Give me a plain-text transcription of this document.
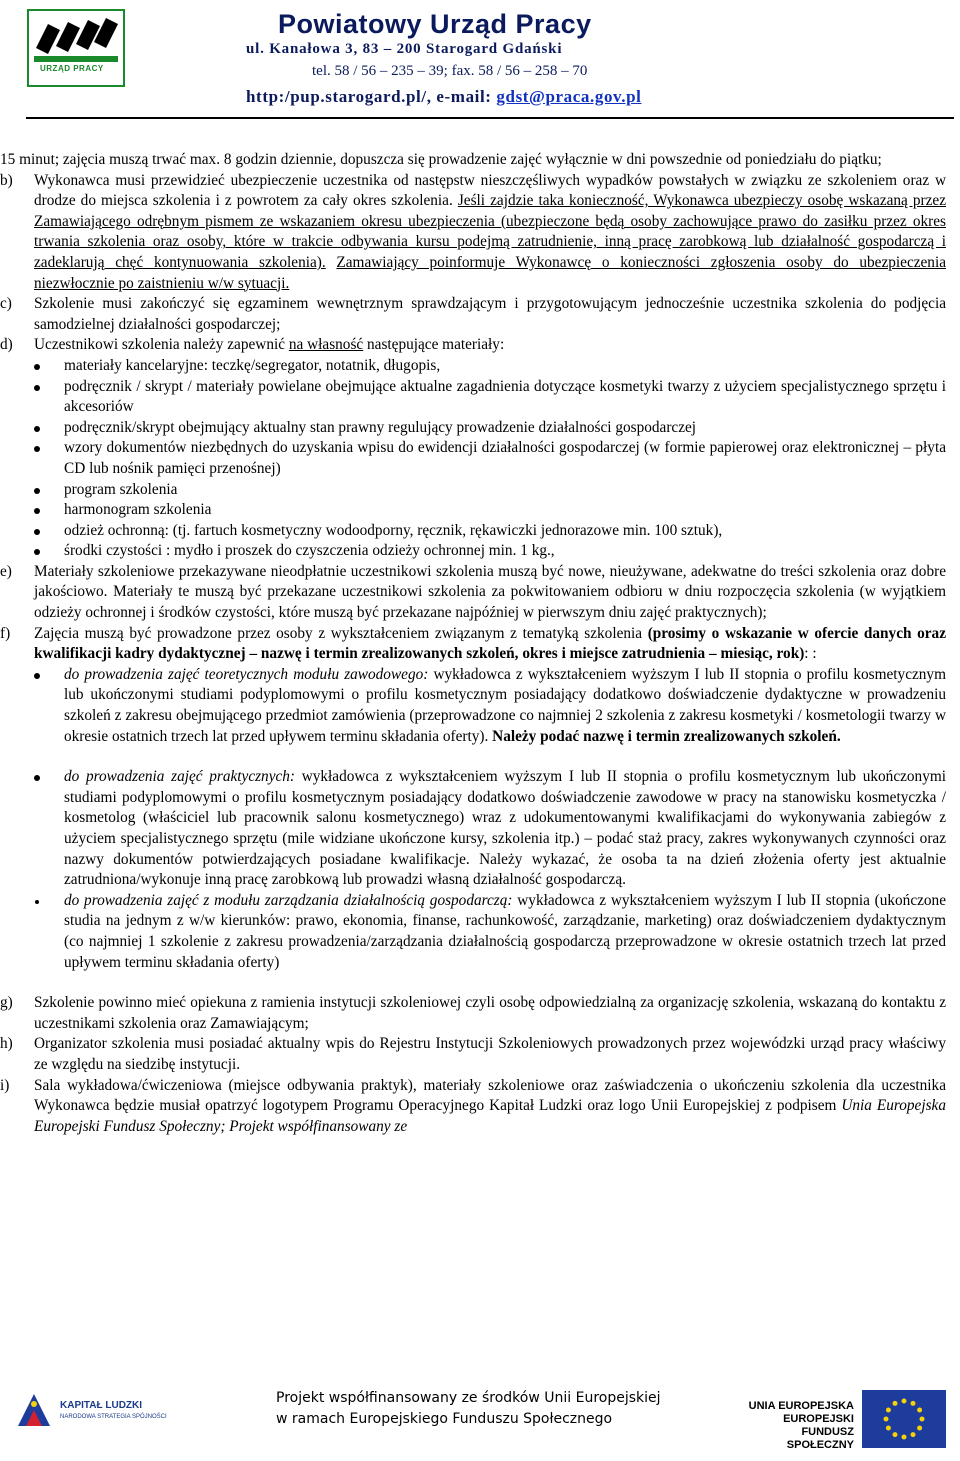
URZĄD PRACY
Powiatowy Urząd Pracy
ul. Kanałowa 3, 83 – 200 Starogard Gdański
tel. 58 / 56 – 235 – 39; fax. 58 / 56 – 258 – 70
http:/pup.starogard.pl/, e-mail: gdst@praca.gov.pl

15 minut; zajęcia muszą trwać max. 8 godzin dziennie, dopuszcza się prowadzenie zajęć wyłącznie w dni powszednie od poniedziału do piątku;

b)	Wykonawca musi przewidzieć ubezpieczenie uczestnika od następstw nieszczęśliwych wypadków powstałych w związku ze szkoleniem oraz w drodze do miejsca szkolenia i z powrotem za cały okres szkolenia. Jeśli zajdzie taka konieczność, Wykonawca ubezpieczy osobę wskazaną przez Zamawiającego odrębnym pismem ze wskazaniem okresu ubezpieczenia (ubezpieczone będą osoby zachowujące prawo do zasiłku przez okres trwania szkolenia oraz osoby, które w trakcie odbywania kursu podejmą zatrudnienie, inną pracę zarobkową lub działalność gospodarczą i zadeklarują chęć kontynuowania szkolenia). Zamawiający poinformuje Wykonawcę o konieczności zgłoszenia osoby do ubezpieczenia niezwłocznie po zaistnieniu w/w sytuacji.

c)	Szkolenie musi zakończyć się egzaminem wewnętrznym sprawdzającym i przygotowującym jednocześnie uczestnika szkolenia do podjęcia samodzielnej działalności gospodarczej;

d)	Uczestnikowi szkolenia należy zapewnić na własność następujące materiały:

materiały kancelaryjne: teczkę/segregator, notatnik, długopis,
podręcznik / skrypt / materiały powielane obejmujące aktualne zagadnienia dotyczące kosmetyki twarzy z użyciem specjalistycznego sprzętu i akcesoriów
podręcznik/skrypt obejmujący aktualny stan prawny regulujący prowadzenie działalności gospodarczej
wzory dokumentów niezbędnych do uzyskania wpisu do ewidencji działalności gospodarczej (w formie papierowej oraz elektronicznej – płyta CD lub nośnik pamięci przenośnej)
program szkolenia
harmonogram szkolenia
odzież ochronną: (tj. fartuch kosmetyczny wodoodporny, ręcznik, rękawiczki jednorazowe min. 100 sztuk),
środki czystości : mydło i proszek do czyszczenia odzieży ochronnej min. 1 kg.,
e)	Materiały szkoleniowe przekazywane nieodpłatnie uczestnikowi szkolenia muszą być nowe, nieużywane, adekwatne do treści szkolenia oraz dobre jakościowo. Materiały te muszą być przekazane uczestnikowi szkolenia za pokwitowaniem odbioru w dniu rozpoczęcia szkolenia (w wyjątkiem odzieży ochronnej i środków czystości, które muszą być przekazane najpóźniej w pierwszym dniu zajęć praktycznych);

f)	Zajęcia muszą być prowadzone przez osoby z wykształceniem związanym z tematyką szkolenia (prosimy o wskazanie w ofercie danych oraz kwalifikacji kadry dydaktycznej – nazwę i termin zrealizowanych szkoleń, okres i miejsce zatrudnienia – miesiąc, rok): :

do prowadzenia zajęć teoretycznych modułu zawodowego: wykładowca z wykształceniem wyższym I lub II stopnia o profilu kosmetycznym lub ukończonymi studiami podyplomowymi o profilu kosmetycznym posiadający dodatkowo doświadczenie dydaktyczne w prowadzeniu szkoleń z zakresu obejmującego przedmiot zamówienia (przeprowadzone co najmniej 2 szkolenia z zakresu kosmetyki / kosmetologii twarzy w okresie ostatnich trzech lat przed upływem terminu składania oferty). Należy podać nazwę i termin zrealizowanych szkoleń.
do prowadzenia zajęć praktycznych: wykładowca z wykształceniem wyższym I lub II stopnia o profilu kosmetycznym lub ukończonymi studiami podyplomowymi o profilu kosmetycznym posiadający dodatkowo doświadczenie zawodowe w pracy na stanowisku kosmetyczka / kosmetolog (właściciel lub pracownik salonu kosmetycznego) wraz z udokumentowanymi kwalifikacjami do wykonywania zabiegów z użyciem specjalistycznego sprzętu (mile widziane ukończone kursy, szkolenia itp.) – podać staż pracy, zakres wykonywanych czynności oraz nazwy dokumentów potwierdzających posiadane kwalifikacje. Należy wykazać, że osoba ta na dzień złożenia oferty jest aktualnie zatrudniona/wykonuje inną pracę zarobkową lub prowadzi własną działalność gospodarczą.
do prowadzenia zajęć z modułu zarządzania działalnością gospodarczą: wykładowca z wykształceniem wyższym I lub II stopnia (ukończone studia na jednym z w/w kierunków: prawo, ekonomia, finanse, rachunkowość, zarządzanie, marketing) oraz doświadczeniem dydaktycznym (co najmniej 1 szkolenie z zakresu prowadzenia/zarządzania działalnością gospodarczą przeprowadzone w okresie ostatnich trzech lat przed upływem terminu składania oferty)
g)	Szkolenie powinno mieć opiekuna z ramienia instytucji szkoleniowej czyli osobę odpowiedzialną za organizację szkolenia, wskazaną do kontaktu z uczestnikami szkolenia oraz Zamawiającym;

h)	Organizator szkolenia musi posiadać aktualny wpis do Rejestru Instytucji Szkoleniowych prowadzonych przez wojewódzki urząd pracy właściwy ze względu na siedzibę instytucji.

i)	Sala wykładowa/ćwiczeniowa (miejsce odbywania praktyk), materiały szkoleniowe oraz zaświadczenia o ukończeniu szkolenia dla uczestnika Wykonawca będzie musiał opatrzyć logotypem Programu Operacyjnego Kapitał Ludzki oraz logo Unii Europejskiej z podpisem Unia Europejska Europejski Fundusz Społeczny; Projekt współfinansowany ze

KAPITAŁ LUDZKI
NARODOWA STRATEGIA SPÓJNOŚCI
Projekt współfinansowany ze środków Unii Europejskiej
w ramach Europejskiego Funduszu Społecznego
UNIA EUROPEJSKA
EUROPEJSKI
FUNDUSZ SPOŁECZNY
